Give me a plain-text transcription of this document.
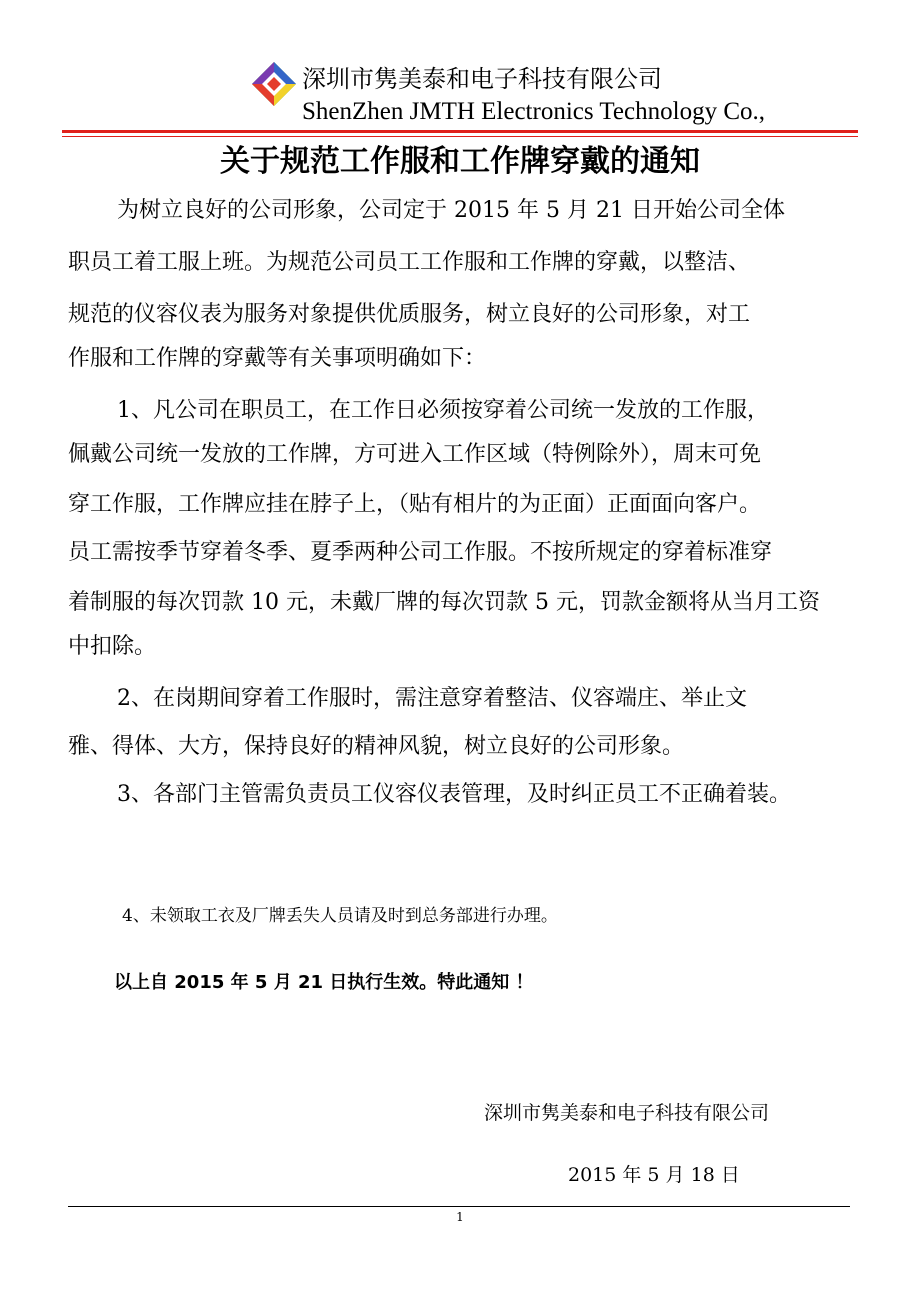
深圳市隽美泰和电子科技有限公司
ShenZhen JMTH Electronics Technology Co.,
关于规范工作服和工作牌穿戴的通知
为树立良好的公司形象，公司定于 2015 年 5 月 21 日开始公司全体
职员工着工服上班。为规范公司员工工作服和工作牌的穿戴，以整洁、
规范的仪容仪表为服务对象提供优质服务，树立良好的公司形象，对工
作服和工作牌的穿戴等有关事项明确如下：
1、凡公司在职员工，在工作日必须按穿着公司统一发放的工作服，
佩戴公司统一发放的工作牌，方可进入工作区域（特例除外），周末可免
穿工作服，工作牌应挂在脖子上，（贴有相片的为正面）正面面向客户。
员工需按季节穿着冬季、夏季两种公司工作服。不按所规定的穿着标准穿
着制服的每次罚款 10 元，未戴厂牌的每次罚款 5 元，罚款金额将从当月工资
中扣除。
2、在岗期间穿着工作服时，需注意穿着整洁、仪容端庄、举止文
雅、得体、大方，保持良好的精神风貌，树立良好的公司形象。
3、各部门主管需负责员工仪容仪表管理，及时纠正员工不正确着装。
4、未领取工衣及厂牌丢失人员请及时到总务部进行办理。
以上自 2015 年 5 月 21 日执行生效。特此通知 ！
深圳市隽美泰和电子科技有限公司
2015 年 5 月 18 日
1
